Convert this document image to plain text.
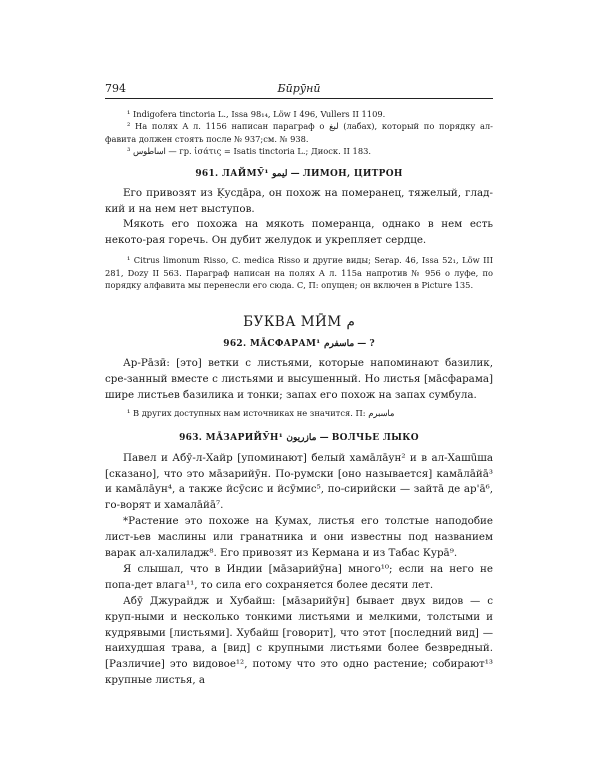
794	Бӣрӯнӣ

¹ Indigofera tinctoria L., Issa 98₁₄, Löw I 496, Vullers II 1109.

² На полях A л. 1156 написан параграф о لبغ (лабах), который по порядку ал-фавита должен стоять после № 937;см. № 938.

³ اساطوس — гр. ἰσάτις = Isatis tinctoria L.; Диоск. II 183.

961. ЛАЙМӮ¹ ليمو — ЛИМОН, ЦИТРОН

Его привозят из Ḳусдāра, он похож на померанец, тяжелый, глад-кий и на нем нет выступов.

Мякоть его похожа на мякоть померанца, однако в нем есть некото-рая горечь. Он дубит желудок и укрепляет сердце.

¹ Citrus limonum Risso, C. medica Risso и другие виды; Serap. 46, Issa 52₁, Löw III 281, Dozy II 563. Параграф написан на полях A л. 115а напротив № 956 о луфе, по порядку алфавита мы перенесли его сюда. С, П: опущен; он включен в Picture 135.

БУКВА МӢМ م

962. МĀСФАРАМ¹ ماسفرم — ?

Ар-Рāзӣ: [это] ветки с листьями, которые напоминают базилик, сре-занный вместе с листьями и высушенный. Но листья [мāсфарама] шире листьев базилика и тонки; запах его похож на запах сумбула.

¹ В других доступных нам источниках не значится. П: ماسبرم

963. МĀЗАРИЙӮН¹ مازريون — ВОЛЧЬЕ ЛЫКО

Павел и Абӯ-л-Хайр [упоминают] белый хамāлāун² и в ал-Хашūша [сказано], что это мāзарийӯн. По-румски [оно называется] камāлāйā³ и камāлāун⁴, а также йсӯсис и йсӯмис⁵, по-сирийски — зайтā де ар'ā⁶, го-ворят и хамалāйā⁷.

*Растение это похоже на Ḳумах, листья его толстые наподобие лист-ьев маслины или гранатника и они известны под названием варак ал-халиладж⁸. Его привозят из Кермана и из Табас Курā⁹.

Я слышал, что в Индии [мāзарийӯна] много¹⁰; если на него не попа-дет влага¹¹, то сила его сохраняется более десяти лет.

Абӯ Джурайдж и Хубайш: [мāзарийӯн] бывает двух видов — с круп-ными и несколько тонкими листьями и мелкими, толстыми и кудрявыми [листьями]. Хубайш [говорит], что этот [последний вид] — наихудшая трава, а [вид] с крупными листьями более безвредный. [Различие] это видовое¹², потому что это одно растение; собирают¹³ крупные листья, а
